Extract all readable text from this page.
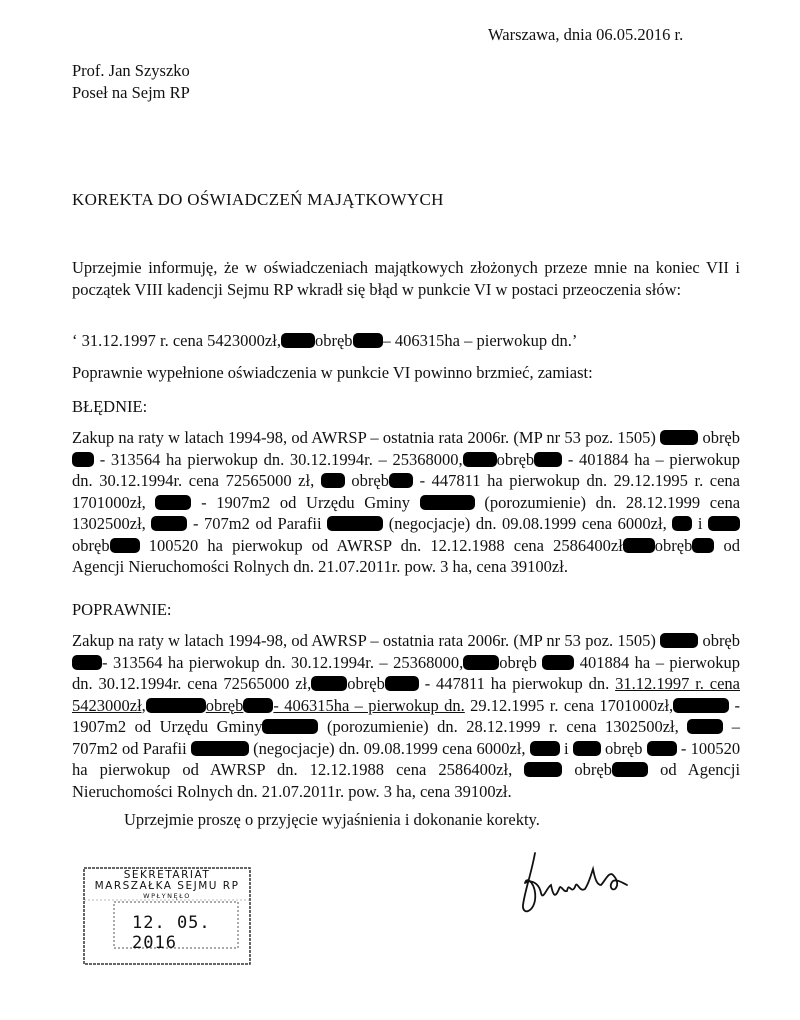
Warszawa, dnia 06.05.2016 r.
Prof. Jan Szyszko
Poseł na Sejm RP
KOREKTA DO OŚWIADCZEŃ MAJĄTKOWYCH
Uprzejmie informuję, że w oświadczeniach majątkowych złożonych przeze mnie na koniec VII i początek VIII kadencji Sejmu RP wkradł się błąd w punkcie VI w postaci przeoczenia słów:
‘ 31.12.1997 r. cena 5423000zł, obręb – 406315ha – pierwokup dn.’
Poprawnie wypełnione oświadczenia w punkcie VI powinno brzmieć, zamiast:
BŁĘDNIE:
Zakup na raty w latach 1994-98, od AWRSP – ostatnia rata 2006r. (MP nr 53 poz. 1505)	obręb  - 313564 ha pierwokup dn. 30.12.1994r. – 25368000, obręb - 401884 ha – pierwokup dn. 30.12.1994r. cena 72565000 zł, obręb - 447811 ha pierwokup dn. 29.12.1995 r. cena 1701000zł,	- 1907m2 od Urzędu Gminy	(porozumienie) dn. 28.12.1999 cena 1302500zł,	- 707m2 od Parafii	(negocjacje) dn. 09.08.1999 cena 6000zł, i obręb 100520 ha pierwokup od AWRSP dn. 12.12.1988 cena 2586400zł obręb od Agencji Nieruchomości Rolnych dn. 21.07.2011r. pow. 3 ha, cena 39100zł.
POPRAWNIE:
Zakup na raty w latach 1994-98, od AWRSP – ostatnia rata 2006r. (MP nr 53 poz. 1505)	obręb- 313564 ha pierwokup dn. 30.12.1994r. – 25368000, obręb	401884 ha – pierwokup dn. 30.12.1994r. cena 72565000 zł, obręb - 447811 ha pierwokup dn. 31.12.1997 r. cena 5423000zł,	obręb - 406315ha – pierwokup dn. 29.12.1995 r. cena 1701000zł,	- 1907m2 od Urzędu Gminy	(porozumienie) dn. 28.12.1999 r. cena 1302500zł,	– 707m2 od Parafii	(negocjacje) dn. 09.08.1999 cena 6000zł, i obręb - 100520 ha pierwokup od AWRSP dn. 12.12.1988 cena 2586400zł,	obręb	od Agencji Nieruchomości Rolnych dn. 21.07.2011r. pow. 3 ha, cena 39100zł.
Uprzejmie proszę o przyjęcie wyjaśnienia i dokonanie korekty.
SEKRETARIAT
MARSZAŁKA SEJMU RP
WPŁYNĘŁO
12. 05. 2016
